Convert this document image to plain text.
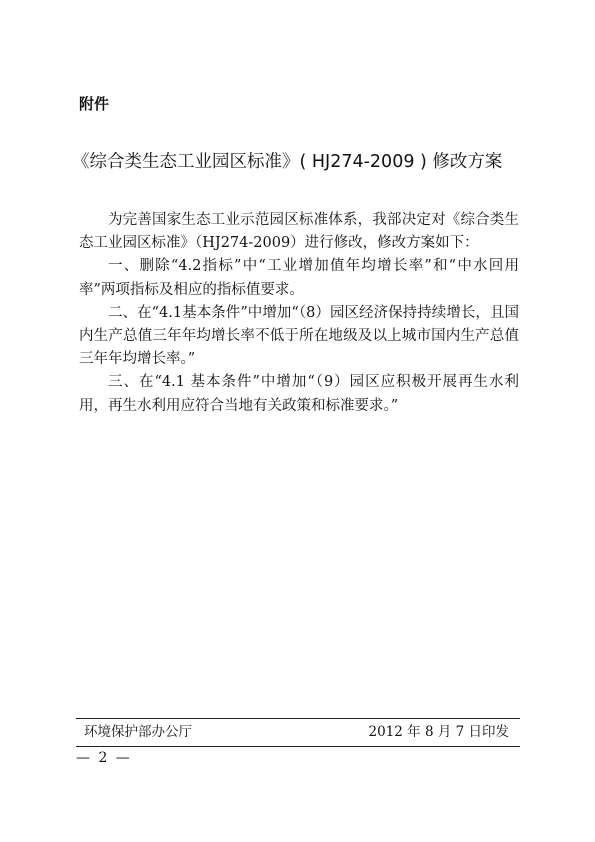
附件
《综合类生态工业园区标准》( HJ274-2009 ) 修改方案

为完善国家生态工业示范园区标准体系，我部决定对《综合类生态工业园区标准》（HJ274-2009）进行修改，修改方案如下：

一、删除“4.2指标”中“工业增加值年均增长率”和“中水回用率”两项指标及相应的指标值要求。

二、在“4.1基本条件”中增加“（8）园区经济保持持续增长，且国内生产总值三年年均增长率不低于所在地级及以上城市国内生产总值三年年均增长率。”

三、在“4.1 基本条件”中增加“（9）园区应积极开展再生水利用，再生水利用应符合当地有关政策和标准要求。”

环境保护部办公厅	2012 年 8 月 7 日印发
— 2 —
